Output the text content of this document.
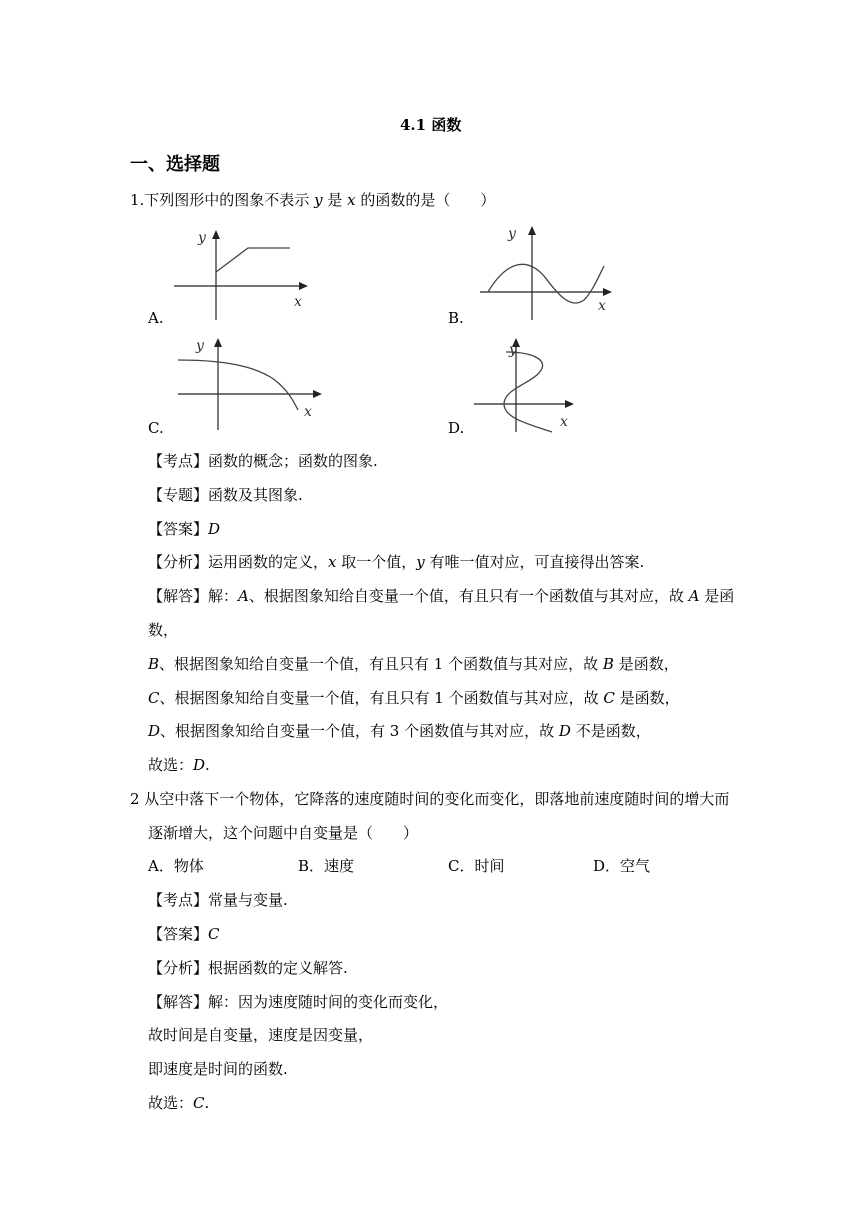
4.1 函数
一、选择题
1.下列图形中的图象不表示 y 是 x 的函数的是（　　）
y
x
A.
y
x
B.
y
x
C.
y
x
D.
【考点】函数的概念；函数的图象.
【专题】函数及其图象.
【答案】D
【分析】运用函数的定义，x 取一个值，y 有唯一值对应，可直接得出答案.
【解答】解：A、根据图象知给自变量一个值，有且只有一个函数值与其对应，故 A 是函
数，
B、根据图象知给自变量一个值，有且只有 1 个函数值与其对应，故 B 是函数，
C、根据图象知给自变量一个值，有且只有 1 个函数值与其对应，故 C 是函数，
D、根据图象知给自变量一个值，有 3 个函数值与其对应，故 D 不是函数，
故选：D.
2 从空中落下一个物体，它降落的速度随时间的变化而变化，即落地前速度随时间的增大而
逐渐增大，这个问题中自变量是（　　）
A．物体	B．速度	C．时间	D．空气
【考点】常量与变量.
【答案】C
【分析】根据函数的定义解答.
【解答】解：因为速度随时间的变化而变化，
故时间是自变量，速度是因变量，
即速度是时间的函数.
故选：C.
